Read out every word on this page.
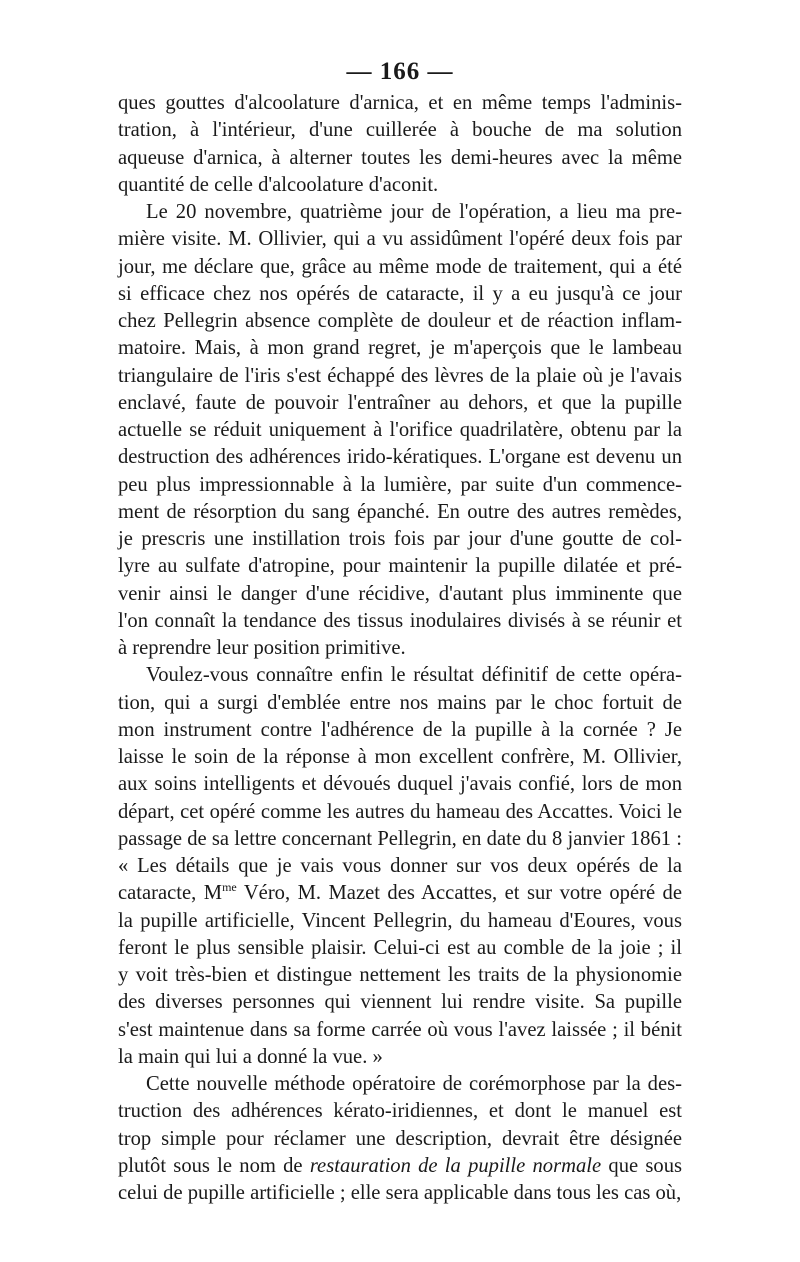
— 166 —
ques gouttes d'alcoolature d'arnica, et en même temps l'adminis-
tration, à l'intérieur, d'une cuillerée à bouche de ma solution
aqueuse d'arnica, à alterner toutes les demi-heures avec la même
quantité de celle d'alcoolature d'aconit.
Le 20 novembre, quatrième jour de l'opération, a lieu ma pre-
mière visite. M. Ollivier, qui a vu assidûment l'opéré deux fois par
jour, me déclare que, grâce au même mode de traitement, qui a été
si efficace chez nos opérés de cataracte, il y a eu jusqu'à ce jour
chez Pellegrin absence complète de douleur et de réaction inflam-
matoire. Mais, à mon grand regret, je m'aperçois que le lambeau
triangulaire de l'iris s'est échappé des lèvres de la plaie où je l'avais
enclavé, faute de pouvoir l'entraîner au dehors, et que la pupille
actuelle se réduit uniquement à l'orifice quadrilatère, obtenu par la
destruction des adhérences irido-kératiques. L'organe est devenu un
peu plus impressionnable à la lumière, par suite d'un commence-
ment de résorption du sang épanché. En outre des autres remèdes,
je prescris une instillation trois fois par jour d'une goutte de col-
lyre au sulfate d'atropine, pour maintenir la pupille dilatée et pré-
venir ainsi le danger d'une récidive, d'autant plus imminente que
l'on connaît la tendance des tissus inodulaires divisés à se réunir et
à reprendre leur position primitive.
Voulez-vous connaître enfin le résultat définitif de cette opéra-
tion, qui a surgi d'emblée entre nos mains par le choc fortuit de
mon instrument contre l'adhérence de la pupille à la cornée ? Je
laisse le soin de la réponse à mon excellent confrère, M. Ollivier,
aux soins intelligents et dévoués duquel j'avais confié, lors de mon
départ, cet opéré comme les autres du hameau des Accattes. Voici le
passage de sa lettre concernant Pellegrin, en date du 8 janvier 1861 :
« Les détails que je vais vous donner sur vos deux opérés de la
cataracte, $M^{me}$ Véro, M. Mazet des Accattes, et sur votre opéré de
la pupille artificielle, Vincent Pellegrin, du hameau d'Eoures, vous
feront le plus sensible plaisir. Celui-ci est au comble de la joie ; il
y voit très-bien et distingue nettement les traits de la physionomie
des diverses personnes qui viennent lui rendre visite. Sa pupille
s'est maintenue dans sa forme carrée où vous l'avez laissée ; il bénit
la main qui lui a donné la vue. »
Cette nouvelle méthode opératoire de corémorphose par la des-
truction des adhérences kérato-iridiennes, et dont le manuel est
trop simple pour réclamer une description, devrait être désignée
plutôt sous le nom de restauration de la pupille normale que sous
celui de pupille artificielle ; elle sera applicable dans tous les cas où,
